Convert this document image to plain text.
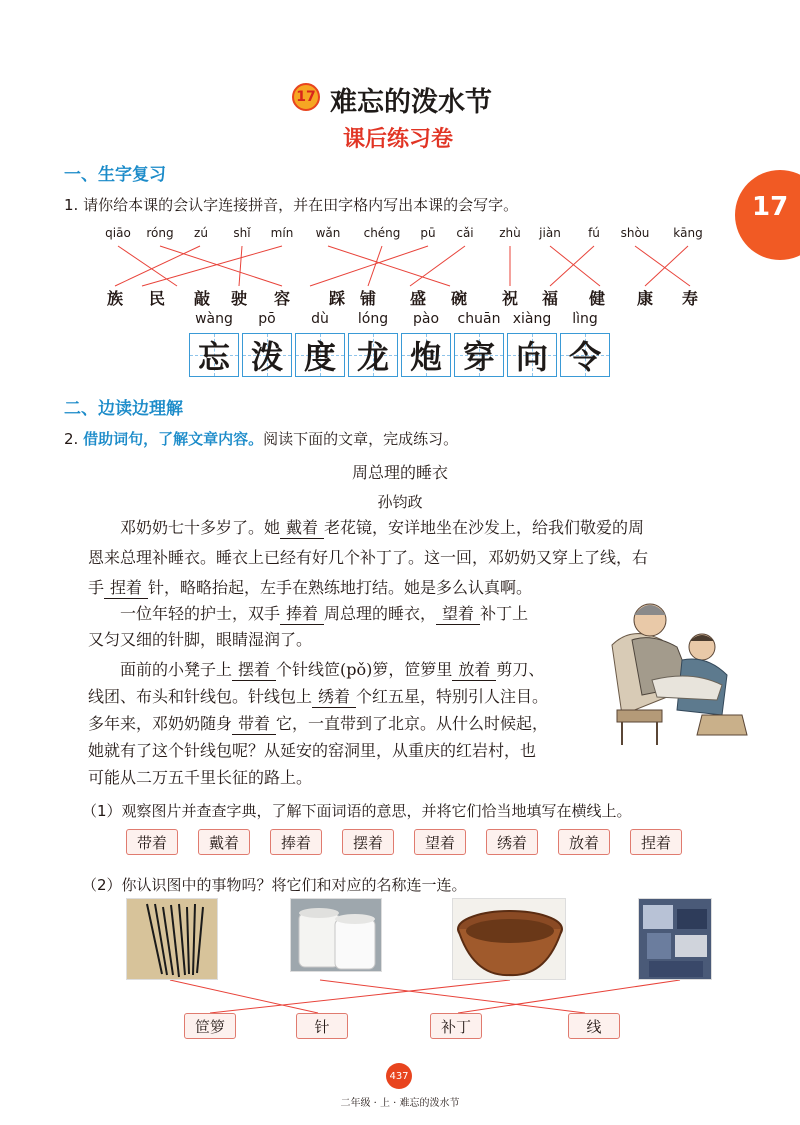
17 难忘的泼水节
课后练习卷
17
一、生字复习
1. 请你给本课的会认字连接拼音，并在田字格内写出本课的会写字。
qiāo	róng	zú	shǐ	mín	wǎn	chéng	pū	cǎi	zhù	jiàn	fú	shòu	kāng
族	民	敲	驶	容	踩 铺	盛	碗	祝	福	健	康	寿
wàng	pō	dù	lóng	pào	chuān xiàng	lìng
忘 泼 度 龙 炮 穿 向 令
二、边读边理解
2. 借助词句，了解文章内容。阅读下面的文章，完成练习。
周总理的睡衣
孙钧政
邓奶奶七十多岁了。她 戴着 老花镜，安详地坐在沙发上，给我们敬爱的周
恩来总理补睡衣。睡衣上已经有好几个补丁了。这一回，邓奶奶又穿上了线，右
手 捏着 针，略略抬起，左手在熟练地打结。她是多么认真啊。
一位年轻的护士，双手 捧着 周总理的睡衣， 望着 补丁上
又匀又细的针脚，眼睛湿润了。
面前的小凳子上 摆着 个针线笸(pǒ)箩，笸箩里 放着 剪刀、
线团、布头和针线包。针线包上 绣着 个红五星，特别引人注目。
多年来，邓奶奶随身 带着 它，一直带到了北京。从什么时候起，
她就有了这个针线包呢？从延安的窑洞里，从重庆的红岩村，也
可能从二万五千里长征的路上。
（1）观察图片并查查字典，了解下面词语的意思，并将它们恰当地填写在横线上。
带着	戴着	捧着	摆着	望着	绣着	放着	捏着
（2）你认识图中的事物吗？将它们和对应的名称连一连。
笸箩	针	补丁	线
437
二年级 · 上 · 难忘的泼水节
